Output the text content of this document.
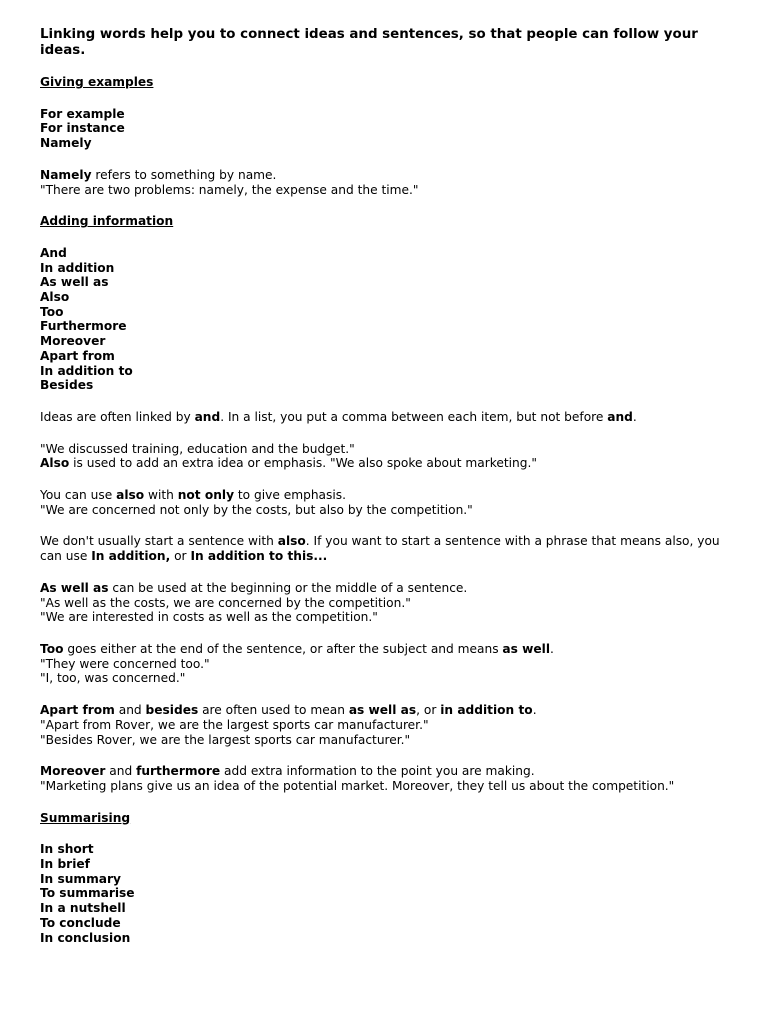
Linking words help you to connect ideas and sentences, so that people can follow your ideas.

Giving examples

For example
For instance
Namely

Namely refers to something by name.
"There are two problems: namely, the expense and the time."

Adding information

And
In addition
As well as
Also
Too
Furthermore
Moreover
Apart from
In addition to
Besides

Ideas are often linked by and. In a list, you put a comma between each item, but not before and.

"We discussed training, education and the budget."
Also is used to add an extra idea or emphasis. "We also spoke about marketing."

You can use also with not only to give emphasis.
"We are concerned not only by the costs, but also by the competition."

We don't usually start a sentence with also. If you want to start a sentence with a phrase that means also, you
can use In addition, or In addition to this...

As well as can be used at the beginning or the middle of a sentence.
"As well as the costs, we are concerned by the competition."
"We are interested in costs as well as the competition."

Too goes either at the end of the sentence, or after the subject and means as well.
"They were concerned too."
"I, too, was concerned."

Apart from and besides are often used to mean as well as, or in addition to.
"Apart from Rover, we are the largest sports car manufacturer."
"Besides Rover, we are the largest sports car manufacturer."

Moreover and furthermore add extra information to the point you are making.
"Marketing plans give us an idea of the potential market. Moreover, they tell us about the competition."

Summarising

In short
In brief
In summary
To summarise
In a nutshell
To conclude
In conclusion
